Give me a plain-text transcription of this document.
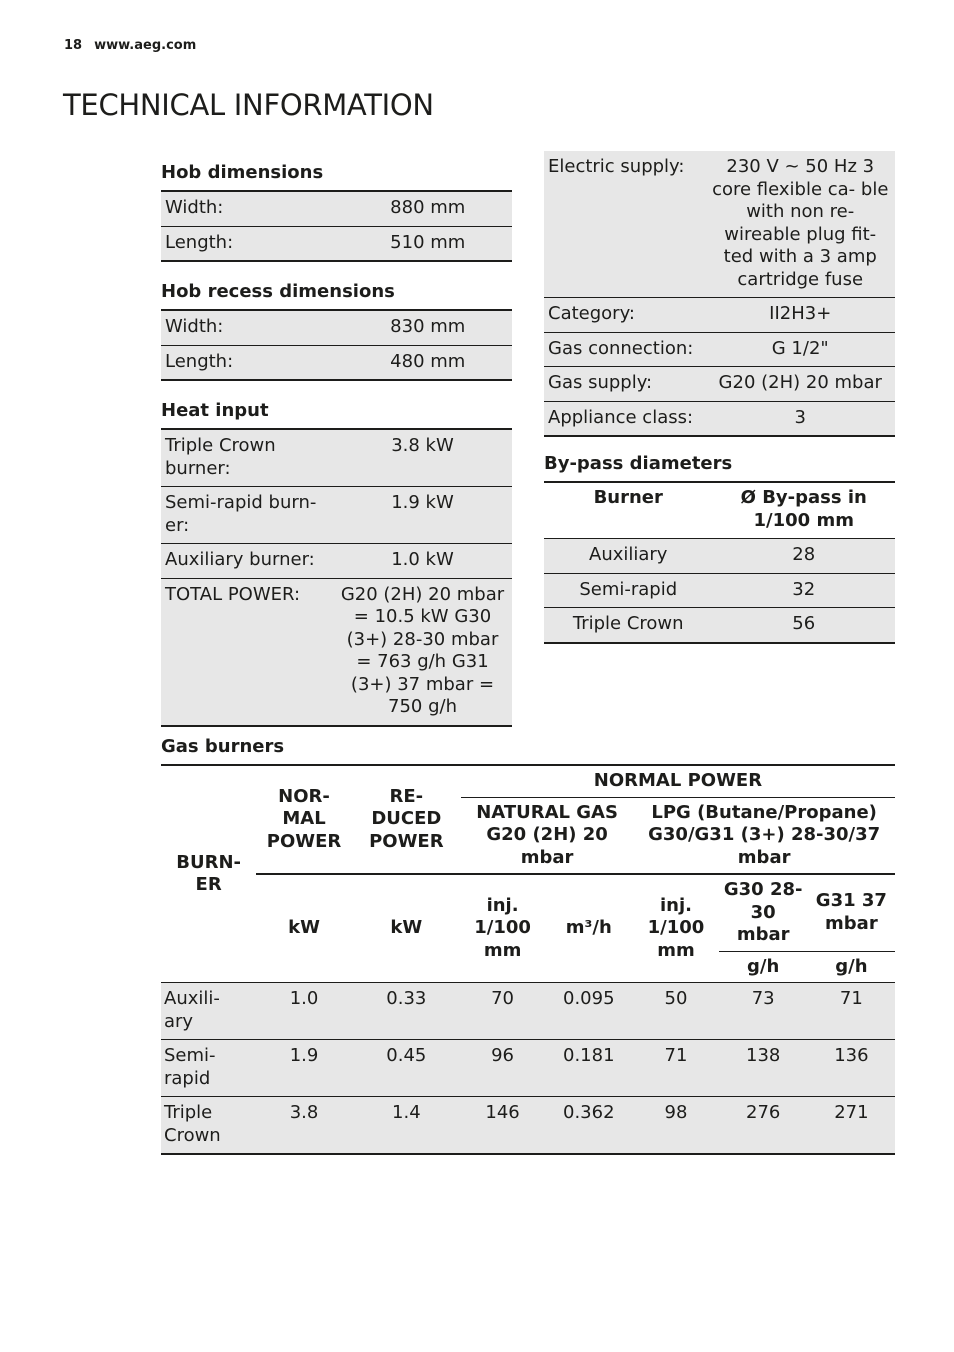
18 www.aeg.com
TECHNICAL INFORMATION
Hob dimensions
Width:	880 mm
Length:	510 mm
Hob recess dimensions
Width:	830 mm
Length:	480 mm
Heat input
Triple Crown burner:	3.8 kW
Semi-rapid burn- er:	1.9 kW
Auxiliary burner:	1.0 kW
TOTAL POWER:	G20 (2H) 20 mbar = 10.5 kW G30 (3+) 28-30 mbar = 763 g/h G31 (3+) 37 mbar = 750 g/h
Electric supply:	230 V ~ 50 Hz 3 core flexible ca- ble with non re- wireable plug fit- ted with a 3 amp cartridge fuse
Category:	II2H3+
Gas connection:	G 1/2"
Gas supply:	G20 (2H) 20 mbar
Appliance class:	3
By-pass diameters
Burner	Ø By-pass in 1/100 mm
Auxiliary	28
Semi-rapid	32
Triple Crown	56
Gas burners
BURN- ER	NOR- MAL POWER	RE- DUCED POWER	NORMAL POWER				
			NATURAL GAS G20 (2H) 20 mbar		LPG (Butane/Propane) G30/G31 (3+) 28-30/37 mbar		
	kW	kW	inj. 1/100 mm	m³/h	inj. 1/100 mm	G30 28-30 mbar	G31 37 mbar
						g/h	g/h
Auxili- ary	1.0	0.33	70	0.095	50	73	71
Semi- rapid	1.9	0.45	96	0.181	71	138	136
Triple Crown	3.8	1.4	146	0.362	98	276	271
